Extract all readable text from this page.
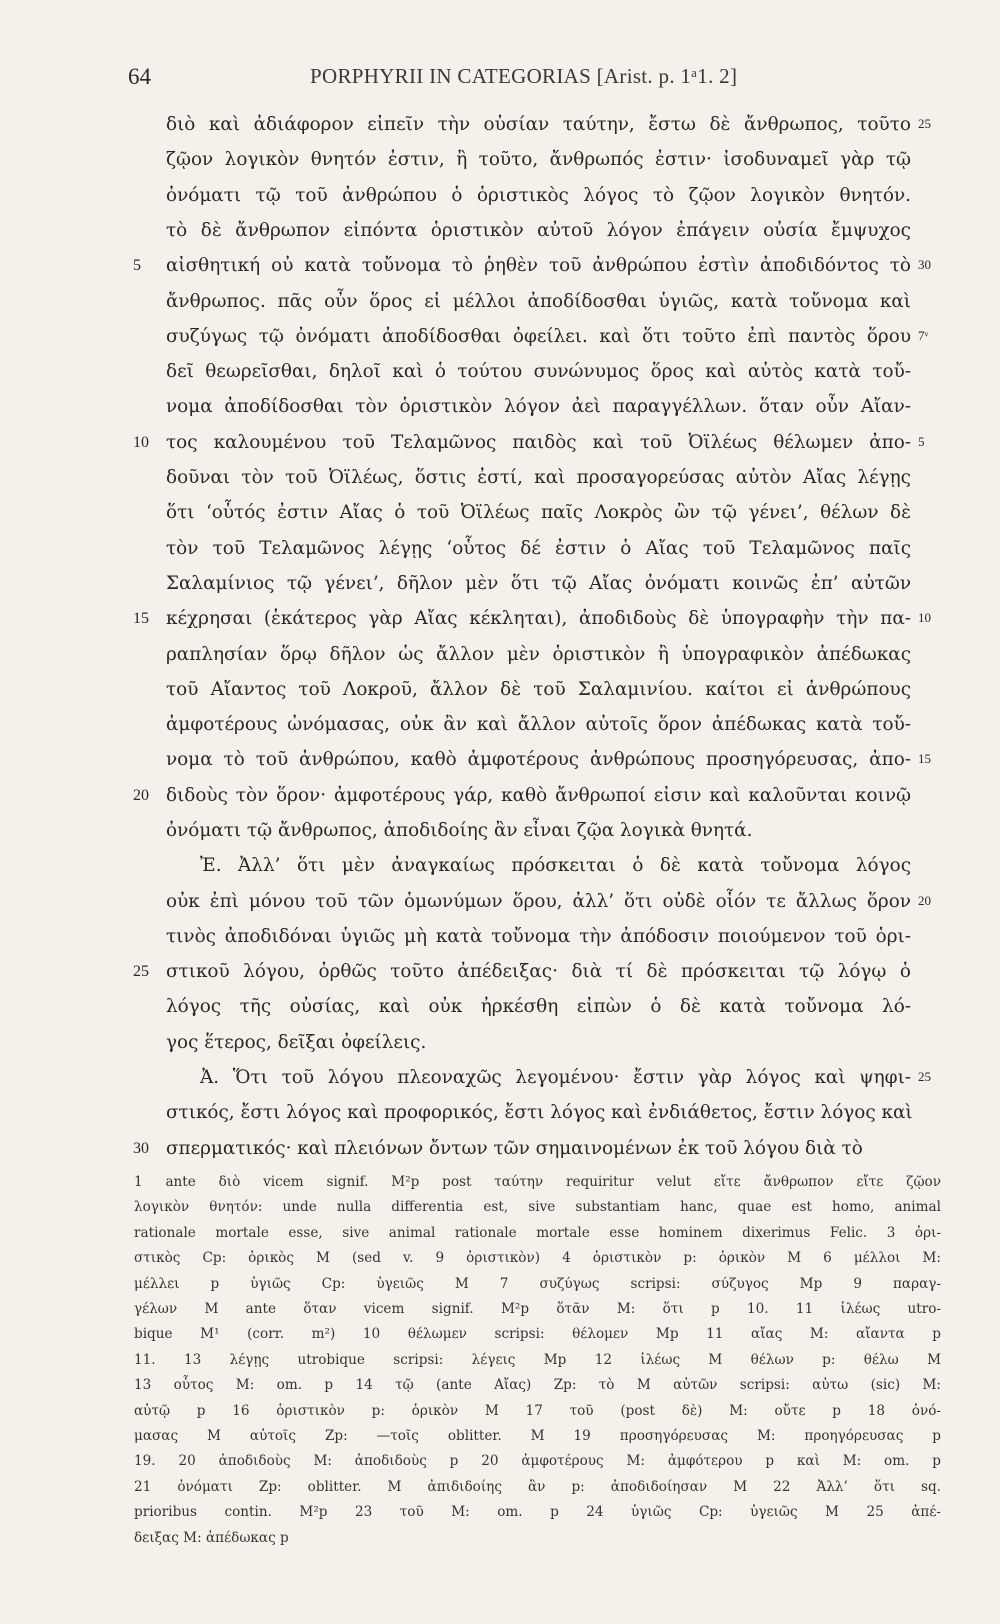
64	PORPHYRII IN CATEGORIAS [Arist. p. 1ᵃ1. 2]
διὸ καὶ ἀδιάφορον εἰπεῖν τὴν οὐσίαν ταύτην, ἔστω δὲ ἄνθρωπος, τοῦτο 25
ζῷον λογικὸν θνητόν ἐστιν, ἢ τοῦτο, ἄνθρωπός ἐστιν· ἰσοδυναμεῖ γὰρ τῷ
ὀνόματι τῷ τοῦ ἀνθρώπου ὁ ὁριστικὸς λόγος τὸ ζῷον λογικὸν θνητόν.
τὸ δὲ ἄνθρωπον εἰπόντα ὁριστικὸν αὐτοῦ λόγον ἐπάγειν οὐσία ἔμψυχος
αἰσθητική οὐ κατὰ τοὔνομα τὸ ῥηθὲν τοῦ ἀνθρώπου ἐστὶν ἀποδιδόντος τὸ
5	30
ἄνθρωπος. πᾶς οὖν ὅρος εἰ μέλλοι ἀποδίδοσθαι ὑγιῶς, κατὰ τοὔνομα καὶ
συζύγως τῷ ὀνόματι ἀποδίδοσθαι ὀφείλει. καὶ ὅτι τοῦτο ἐπὶ παντὸς ὅρου 7ᵛ
δεῖ θεωρεῖσθαι, δηλοῖ καὶ ὁ τούτου συνώνυμος ὅρος καὶ αὐτὸς κατὰ τοὔ-
νομα ἀποδίδοσθαι τὸν ὁριστικὸν λόγον ἀεὶ παραγγέλλων. ὅταν οὖν Αἴαν-
τος καλουμένου τοῦ Τελαμῶνος παιδὸς καὶ τοῦ Ὀϊλέως θέλωμεν ἀπο-
10	5
δοῦναι τὸν τοῦ Ὀϊλέως, ὅστις ἐστί, καὶ προσαγορεύσας αὐτὸν Αἴας λέγῃς
ὅτι ‘οὗτός ἐστιν Αἴας ὁ τοῦ Ὀϊλέως παῖς Λοκρὸς ὢν τῷ γένει’, θέλων δὲ
τὸν τοῦ Τελαμῶνος λέγῃς ‘οὗτος δέ ἐστιν ὁ Αἴας τοῦ Τελαμῶνος παῖς
Σαλαμίνιος τῷ γένει’, δῆλον μὲν ὅτι τῷ Αἴας ὀνόματι κοινῶς ἐπ’ αὐτῶν
κέχρησαι (ἑκάτερος γὰρ Αἴας κέκληται), ἀποδιδοὺς δὲ ὑπογραφὴν τὴν πα-
15	10
ραπλησίαν ὅρῳ δῆλον ὡς ἄλλον μὲν ὁριστικὸν ἢ ὑπογραφικὸν ἀπέδωκας
τοῦ Αἴαντος τοῦ Λοκροῦ, ἄλλον δὲ τοῦ Σαλαμινίου. καίτοι εἰ ἀνθρώπους
ἀμφοτέρους ὠνόμασας, οὐκ ἂν καὶ ἄλλον αὐτοῖς ὅρον ἀπέδωκας κατὰ τοὔ-
νομα τὸ τοῦ ἀνθρώπου, καθὸ ἀμφοτέρους ἀνθρώπους προσηγόρευσας, ἀπο- 15
διδοὺς τὸν ὅρον· ἀμφοτέρους γάρ, καθὸ ἄνθρωποί εἰσιν καὶ καλοῦνται κοινῷ
20
ὀνόματι τῷ ἄνθρωπος, ἀποδιδοίης ἂν εἶναι ζῷα λογικὰ θνητά.
Ἐ. Ἀλλ’ ὅτι μὲν ἀναγκαίως πρόσκειται ὁ δὲ κατὰ τοὔνομα λόγος
οὐκ ἐπὶ μόνου τοῦ τῶν ὁμωνύμων ὅρου, ἀλλ’ ὅτι οὐδὲ οἷόν τε ἄλλως ὅρον 20
τινὸς ἀποδιδόναι ὑγιῶς μὴ κατὰ τοὔνομα τὴν ἀπόδοσιν ποιούμενον τοῦ ὁρι-
στικοῦ λόγου, ὀρθῶς τοῦτο ἀπέδειξας· διὰ τί δὲ πρόσκειται τῷ λόγῳ ὁ
25
λόγος τῆς οὐσίας, καὶ οὐκ ἠρκέσθη εἰπὼν ὁ δὲ κατὰ τοὔνομα λό-
γος ἕτερος, δεῖξαι ὀφείλεις.
Ἀ. Ὅτι τοῦ λόγου πλεοναχῶς λεγομένου· ἔστιν γὰρ λόγος καὶ ψηφι- 25
στικός, ἔστι λόγος καὶ προφορικός, ἔστι λόγος καὶ ἐνδιάθετος, ἔστιν λόγος καὶ
σπερματικός· καὶ πλειόνων ὄντων τῶν σημαινομένων ἐκ τοῦ λόγου διὰ τὸ
30
1 ante διὸ vicem signif. M²p post ταύτην requiritur velut εἴτε ἄνθρωπον εἴτε ζῷον
λογικὸν θνητόν: unde nulla differentia est, sive substantiam hanc, quae est homo, animal
rationale mortale esse, sive animal rationale mortale esse hominem dixerimus Felic. 3 ὁρι-
στικὸς Cp: ὁρικὸς M (sed v. 9 ὁριστικὸν) 4 ὁριστικὸν p: ὁρικὸν M 6 μέλλοι M:
μέλλει p ὑγιῶς Cp: ὑγειῶς M 7 συζύγως scripsi: σύζυγος Mp 9 παραγ-
γέλων M ante ὅταν vicem signif. M²p ὅτᾶν M: ὅτι p 10. 11 ἰλέως utro-
bique M¹ (corr. m²) 10 θέλωμεν scripsi: θέλομεν Mp 11 αἴας M: αἴαντα p
11. 13 λέγῃς utrobique scripsi: λέγεις Mp 12 ἰλέως M θέλων p: θέλω M
13 οὗτος M: om. p 14 τῷ (ante Αἴας) Zp: τὸ M αὐτῶν scripsi: αὐτω (sic) M:
αὐτῷ p 16 ὁριστικὸν p: ὁρικὸν M 17 τοῦ (post δὲ) M: οὔτε p 18 ὀνό-
μασας M αὐτοῖς Zp: —τοῖς oblitter. M 19 προσηγόρευσας M: προηγόρευσας p
19. 20 ἀποδιδοὺς M: ἀποδιδοὺς p 20 ἀμφοτέρους M: ἀμφότερου p καὶ M: om. p
21 ὀνόματι Zp: oblitter. M ἀπιδιδοίης ἂν p: ἀποδιδοίησαν M 22 Ἀλλ’ ὅτι sq.
prioribus contin. M²p 23 τοῦ M: om. p 24 ὑγιῶς Cp: ὑγειῶς M 25 ἀπέ-
δειξας M: ἀπέδωκας p
